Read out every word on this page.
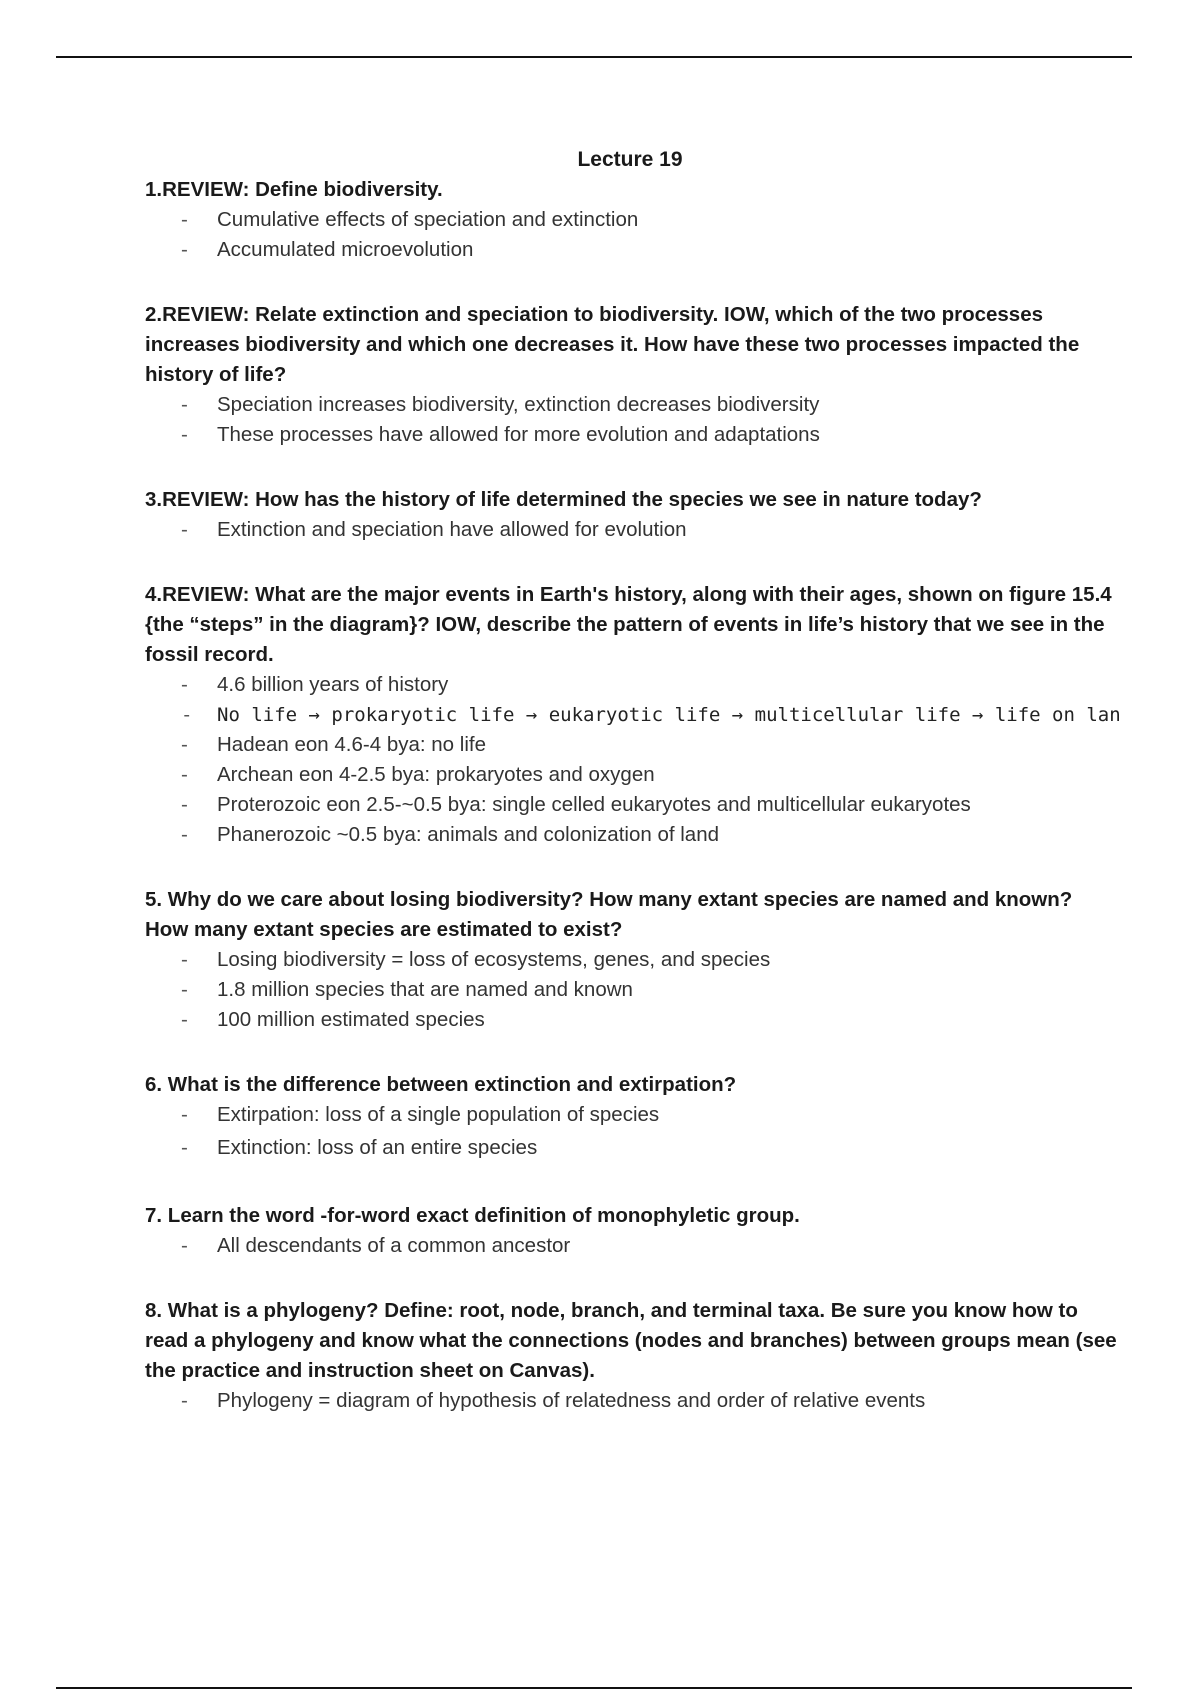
Lecture 19

1.REVIEW: Define biodiversity.

- Cumulative effects of speciation and extinction
- Accumulated microevolution

2.REVIEW: Relate extinction and speciation to biodiversity. IOW, which of the two processes
increases biodiversity and which one decreases it. How have these two processes impacted the
history of life?

- Speciation increases biodiversity, extinction decreases biodiversity
- These processes have allowed for more evolution and adaptations

3.REVIEW: How has the history of life determined the species we see in nature today?

- Extinction and speciation have allowed for evolution

4.REVIEW: What are the major events in Earth's history, along with their ages, shown on figure 15.4
{the “steps” in the diagram}? IOW, describe the pattern of events in life’s history that we see in the
fossil record.

- 4.6 billion years of history
- No life → prokaryotic life → eukaryotic life → multicellular life → life on lan
- Hadean eon 4.6-4 bya: no life
- Archean eon 4-2.5 bya: prokaryotes and oxygen
- Proterozoic eon 2.5-~0.5 bya: single celled eukaryotes and multicellular eukaryotes
- Phanerozoic ~0.5 bya: animals and colonization of land

5. Why do we care about losing biodiversity? How many extant species are named and known?
How many extant species are estimated to exist?

- Losing biodiversity = loss of ecosystems, genes, and species
- 1.8 million species that are named and known
- 100 million estimated species

6. What is the difference between extinction and extirpation?

- Extirpation: loss of a single population of species
- Extinction: loss of an entire species

7. Learn the word -for-word exact definition of monophyletic group.

- All descendants of a common ancestor

8. What is a phylogeny? Define: root, node, branch, and terminal taxa. Be sure you know how to
read a phylogeny and know what the connections (nodes and branches) between groups mean (see
the practice and instruction sheet on Canvas).

- Phylogeny = diagram of hypothesis of relatedness and order of relative events
